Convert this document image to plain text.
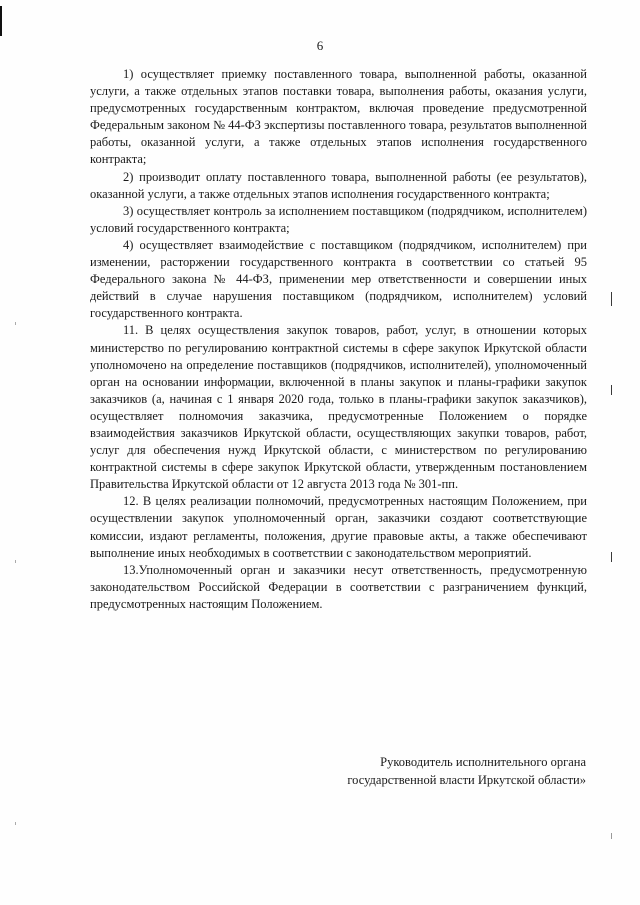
6

1) осуществляет приемку поставленного товара, выполненной работы, оказанной услуги, а также отдельных этапов поставки товара, выполнения работы, оказания услуги, предусмотренных государственным контрактом, включая проведение предусмотренной Федеральным законом № 44-ФЗ экспертизы поставленного товара, результатов выполненной работы, оказанной услуги, а также отдельных этапов исполнения государственного контракта;

2) производит оплату поставленного товара, выполненной работы (ее результатов), оказанной услуги, а также отдельных этапов исполнения государственного контракта;

3) осуществляет контроль за исполнением поставщиком (подрядчиком, исполнителем) условий государственного контракта;

4) осуществляет взаимодействие с поставщиком (подрядчиком, исполнителем) при изменении, расторжении государственного контракта в соответствии со статьей 95 Федерального закона № 44-ФЗ, применении мер ответственности и совершении иных действий в случае нарушения поставщиком (подрядчиком, исполнителем) условий государственного контракта.

11. В целях осуществления закупок товаров, работ, услуг, в отношении которых министерство по регулированию контрактной системы в сфере закупок Иркутской области уполномочено на определение поставщиков (подрядчиков, исполнителей), уполномоченный орган на основании информации, включенной в планы закупок и планы-графики закупок заказчиков (а, начиная с 1 января 2020 года, только в планы-графики закупок заказчиков), осуществляет полномочия заказчика, предусмотренные Положением о порядке взаимодействия заказчиков Иркутской области, осуществляющих закупки товаров, работ, услуг для обеспечения нужд Иркутской области, с министерством по регулированию контрактной системы в сфере закупок Иркутской области, утвержденным постановлением Правительства Иркутской области от 12 августа 2013 года № 301-пп.

12. В целях реализации полномочий, предусмотренных настоящим Положением, при осуществлении закупок уполномоченный орган, заказчики создают соответствующие комиссии, издают регламенты, положения, другие правовые акты, а также обеспечивают выполнение иных необходимых в соответствии с законодательством мероприятий.

13.Уполномоченный орган и заказчики несут ответственность, предусмотренную законодательством Российской Федерации в соответствии с разграничением функций, предусмотренных настоящим Положением.

Руководитель исполнительного органа
государственной власти Иркутской области»
